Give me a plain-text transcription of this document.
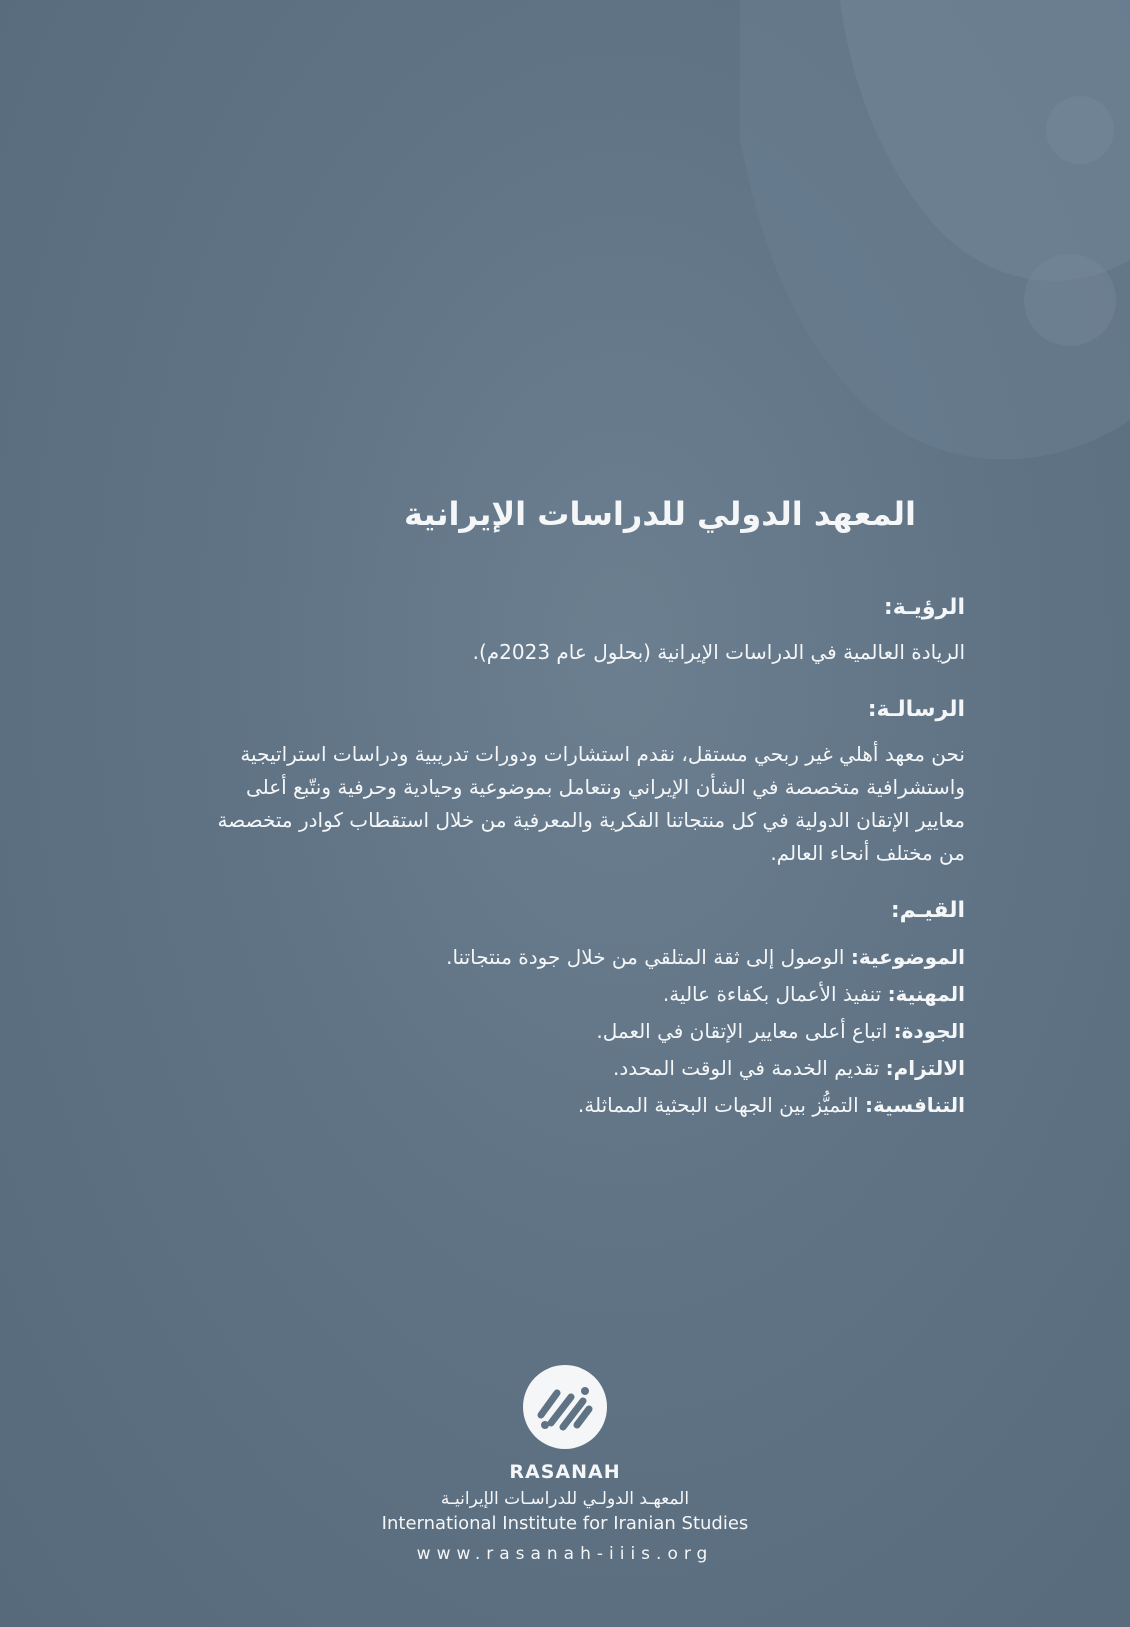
المعهد الدولي للدراسات الإيرانية
الرؤيـة:

الريادة العالمية في الدراسات الإيرانية (بحلول عام 2023م).

الرسالـة:

نحن معهد أهلي غير ربحي مستقل، نقدم استشارات ودورات تدريبية ودراسات استراتيجية واستشرافية متخصصة في الشأن الإيراني ونتعامل بموضوعية وحيادية وحرفية ونتّبع أعلى معايير الإتقان الدولية في كل منتجاتنا الفكرية والمعرفية من خلال استقطاب كوادر متخصصة من مختلف أنحاء العالم.

القيـم:
الموضوعية: الوصول إلى ثقة المتلقي من خلال جودة منتجاتنا.
المهنية: تنفيذ الأعمال بكفاءة عالية.
الجودة: اتباع أعلى معايير الإتقان في العمل.
الالتزام: تقديم الخدمة في الوقت المحدد.
التنافسية: التميُّز بين الجهات البحثية المماثلة.
RASANAH
المعهـد الدولـي للدراسـات الإيرانيـة
International Institute for Iranian Studies
www.rasanah-iiis.org
